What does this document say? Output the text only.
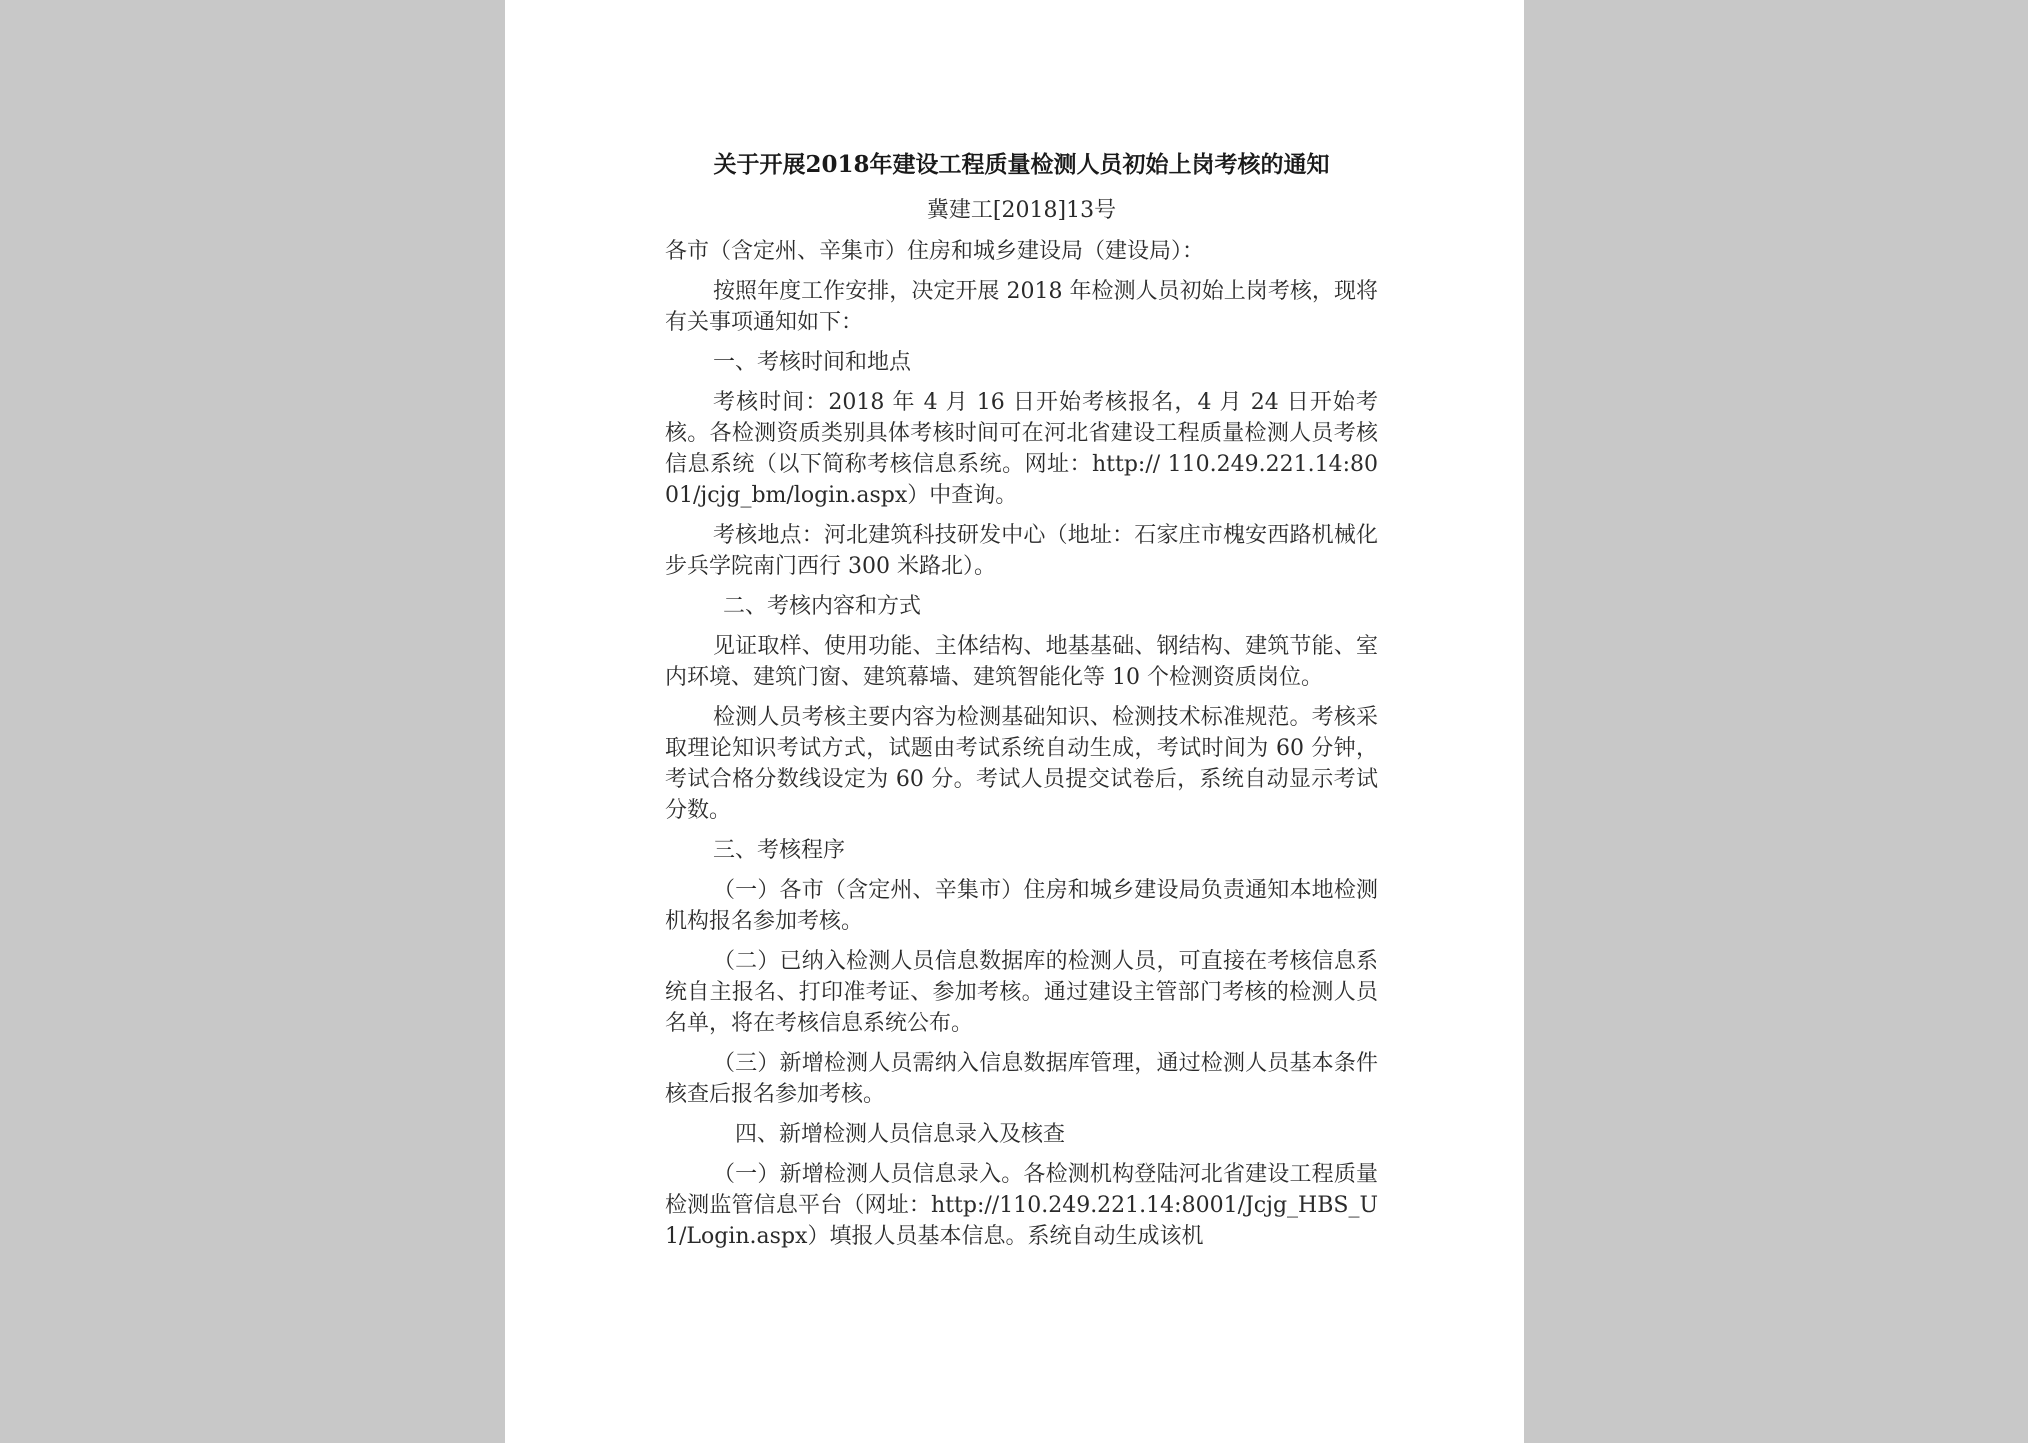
关于开展2018年建设工程质量检测人员初始上岗考核的通知
冀建工[2018]13号
各市（含定州、辛集市）住房和城乡建设局（建设局）：
按照年度工作安排，决定开展 2018 年检测人员初始上岗考核，现将有关事项通知如下：
一、考核时间和地点
考核时间：2018 年 4 月 16 日开始考核报名，4 月 24 日开始考核。各检测资质类别具体考核时间可在河北省建设工程质量检测人员考核信息系统（以下简称考核信息系统。网址：http:// 110.249.221.14:8001/jcjg_bm/login.aspx）中查询。
考核地点：河北建筑科技研发中心（地址：石家庄市槐安西路机械化步兵学院南门西行 300 米路北）。
二、考核内容和方式
见证取样、使用功能、主体结构、地基基础、钢结构、建筑节能、室内环境、建筑门窗、建筑幕墙、建筑智能化等 10 个检测资质岗位。
检测人员考核主要内容为检测基础知识、检测技术标准规范。考核采取理论知识考试方式，试题由考试系统自动生成，考试时间为 60 分钟，考试合格分数线设定为 60 分。考试人员提交试卷后，系统自动显示考试分数。
三、考核程序
（一）各市（含定州、辛集市）住房和城乡建设局负责通知本地检测机构报名参加考核。
（二）已纳入检测人员信息数据库的检测人员，可直接在考核信息系统自主报名、打印准考证、参加考核。通过建设主管部门考核的检测人员名单，将在考核信息系统公布。
（三）新增检测人员需纳入信息数据库管理，通过检测人员基本条件核查后报名参加考核。
四、新增检测人员信息录入及核查
（一）新增检测人员信息录入。各检测机构登陆河北省建设工程质量检测监管信息平台（网址：http://110.249.221.14:8001/Jcjg_HBS_U1/Login.aspx）填报人员基本信息。系统自动生成该机
